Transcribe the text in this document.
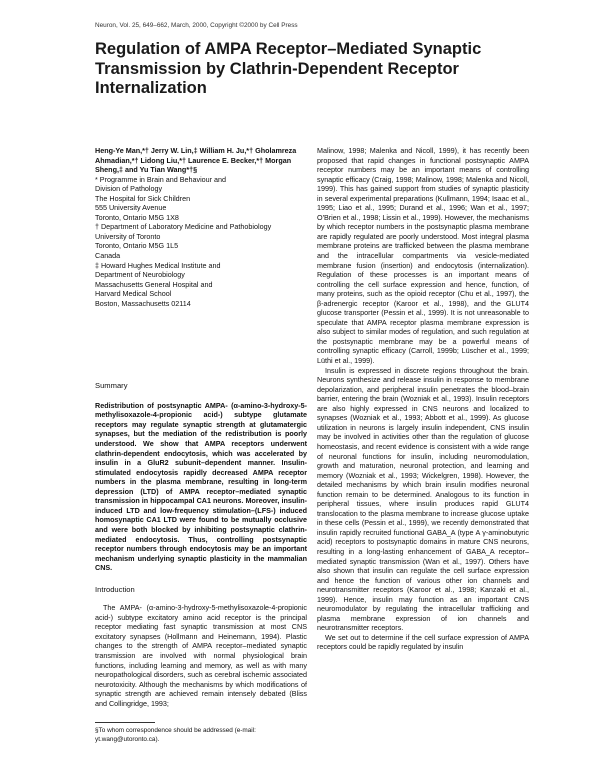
Neuron, Vol. 25, 649–662, March, 2000, Copyright ©2000 by Cell Press
Regulation of AMPA Receptor–Mediated Synaptic Transmission by Clathrin-Dependent Receptor Internalization

Heng-Ye Man,*† Jerry W. Lin,‡ William H. Ju,*† Gholamreza Ahmadian,*† Lidong Liu,*† Laurence E. Becker,*† Morgan Sheng,‡ and Yu Tian Wang*†§

* Programme in Brain and Behaviour and

Division of Pathology

The Hospital for Sick Children

555 University Avenue

Toronto, Ontario M5G 1X8

† Department of Laboratory Medicine and Pathobiology

University of Toronto

Toronto, Ontario M5G 1L5

Canada

‡ Howard Hughes Medical Institute and

Department of Neurobiology

Massachusetts General Hospital and

Harvard Medical School

Boston, Massachusetts 02114

Summary

Redistribution of postsynaptic AMPA- (α-amino-3-hydroxy-5-methylisoxazole-4-propionic acid-) subtype glutamate receptors may regulate synaptic strength at glutamatergic synapses, but the mediation of the redistribution is poorly understood. We show that AMPA receptors underwent clathrin-dependent endocytosis, which was accelerated by insulin in a GluR2 subunit–dependent manner. Insulin-stimulated endocytosis rapidly decreased AMPA receptor numbers in the plasma membrane, resulting in long-term depression (LTD) of AMPA receptor–mediated synaptic transmission in hippocampal CA1 neurons. Moreover, insulin-induced LTD and low-frequency stimulation–(LFS-) induced homosynaptic CA1 LTD were found to be mutually occlusive and were both blocked by inhibiting postsynaptic clathrin-mediated endocytosis. Thus, controlling postsynaptic receptor numbers through endocytosis may be an important mechanism underlying synaptic plasticity in the mammalian CNS.

Introduction

The AMPA- (α-amino-3-hydroxy-5-methylisoxazole-4-propionic acid-) subtype excitatory amino acid receptor is the principal receptor mediating fast synaptic transmission at most CNS excitatory synapses (Hollmann and Heinemann, 1994). Plastic changes to the strength of AMPA receptor–mediated synaptic transmission are involved with normal physiological brain functions, including learning and memory, as well as with many neuropathological disorders, such as cerebral ischemic associated neurotoxicity. Although the mechanisms by which modifications of synaptic strength are achieved remain intensely debated (Bliss and Collingridge, 1993;

§To whom correspondence should be addressed (e-mail: yt.wang@utoronto.ca).

Malinow, 1998; Malenka and Nicoll, 1999), it has recently been proposed that rapid changes in functional postsynaptic AMPA receptor numbers may be an important means of controlling synaptic efficacy (Craig, 1998; Malinow, 1998; Malenka and Nicoll, 1999). This has gained support from studies of synaptic plasticity in several experimental preparations (Kullmann, 1994; Isaac et al., 1995; Liao et al., 1995; Durand et al., 1996; Wan et al., 1997; O'Brien et al., 1998; Lissin et al., 1999). However, the mechanisms by which receptor numbers in the postsynaptic plasma membrane are rapidly regulated are poorly understood. Most integral plasma membrane proteins are trafficked between the plasma membrane and the intracellular compartments via vesicle-mediated membrane fusion (insertion) and endocytosis (internalization). Regulation of these processes is an important means of controlling the cell surface expression and hence, function, of many proteins, such as the opioid receptor (Chu et al., 1997), the β-adrenergic receptor (Karoor et al., 1998), and the GLUT4 glucose transporter (Pessin et al., 1999). It is not unreasonable to speculate that AMPA receptor plasma membrane expression is also subject to similar modes of regulation, and such regulation at the postsynaptic membrane may be a powerful means of controlling synaptic efficacy (Carroll, 1999b; Lüscher et al., 1999; Lüthi et al., 1999).

Insulin is expressed in discrete regions throughout the brain. Neurons synthesize and release insulin in response to membrane depolarization, and peripheral insulin penetrates the blood–brain barrier, entering the brain (Wozniak et al., 1993). Insulin receptors are also highly expressed in CNS neurons and localized to synapses (Wozniak et al., 1993; Abbott et al., 1999). As glucose utilization in neurons is largely insulin independent, CNS insulin may be involved in activities other than the regulation of glucose homeostasis, and recent evidence is consistent with a wide range of neuronal functions for insulin, including neuromodulation, growth and maturation, neuronal protection, and learning and memory (Wozniak et al., 1993; Wickelgren, 1998). However, the detailed mechanisms by which brain insulin modifies neuronal function remain to be determined. Analogous to its function in peripheral tissues, where insulin produces rapid GLUT4 translocation to the plasma membrane to increase glucose uptake in these cells (Pessin et al., 1999), we recently demonstrated that insulin rapidly recruited functional GABA_A (type A γ-aminobutyric acid) receptors to postsynaptic domains in mature CNS neurons, resulting in a long-lasting enhancement of GABA_A receptor–mediated synaptic transmission (Wan et al., 1997). Others have also shown that insulin can regulate the cell surface expression and hence the function of various other ion channels and neurotransmitter receptors (Karoor et al., 1998; Kanzaki et al., 1999). Hence, insulin may function as an important CNS neuromodulator by regulating the intracellular trafficking and plasma membrane expression of ion channels and neurotransmitter receptors.

We set out to determine if the cell surface expression of AMPA receptors could be rapidly regulated by insulin
